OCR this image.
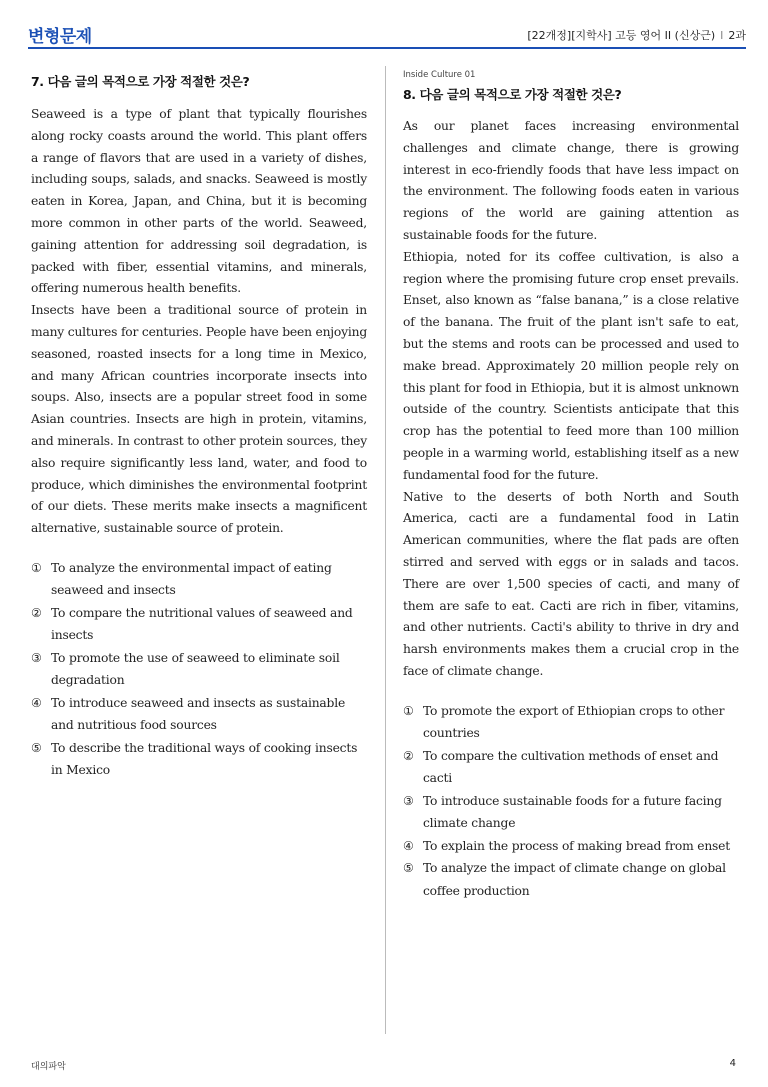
변형문제	[22개정][지학사] 고등 영어 II (신상근) I 2과

7. 다음 글의 목적으로 가장 적절한 것은?

Seaweed is a type of plant that typically flourishes along rocky coasts around the world. This plant offers a range of flavors that are used in a variety of dishes, including soups, salads, and snacks. Seaweed is mostly eaten in Korea, Japan, and China, but it is becoming more common in other parts of the world. Seaweed, gaining attention for addressing soil degradation, is packed with fiber, essential vitamins, and minerals, offering numerous health benefits.

Insects have been a traditional source of protein in many cultures for centuries. People have been enjoying seasoned, roasted insects for a long time in Mexico, and many African countries incorporate insects into soups. Also, insects are a popular street food in some Asian countries. Insects are high in protein, vitamins, and minerals. In contrast to other protein sources, they also require significantly less land, water, and food to produce, which diminishes the environmental footprint of our diets. These merits make insects a magnificent alternative, sustainable source of protein.

① To analyze the environmental impact of eating seaweed and insects
② To compare the nutritional values of seaweed and insects
③ To promote the use of seaweed to eliminate soil degradation
④ To introduce seaweed and insects as sustainable and nutritious food sources
⑤ To describe the traditional ways of cooking insects in Mexico

Inside Culture 01

8. 다음 글의 목적으로 가장 적절한 것은?

As our planet faces increasing environmental challenges and climate change, there is growing interest in eco-friendly foods that have less impact on the environment. The following foods eaten in various regions of the world are gaining attention as sustainable foods for the future.

Ethiopia, noted for its coffee cultivation, is also a region where the promising future crop enset prevails. Enset, also known as “false banana,” is a close relative of the banana. The fruit of the plant isn't safe to eat, but the stems and roots can be processed and used to make bread. Approximately 20 million people rely on this plant for food in Ethiopia, but it is almost unknown outside of the country. Scientists anticipate that this crop has the potential to feed more than 100 million people in a warming world, establishing itself as a new fundamental food for the future.

Native to the deserts of both North and South America, cacti are a fundamental food in Latin American communities, where the flat pads are often stirred and served with eggs or in salads and tacos. There are over 1,500 species of cacti, and many of them are safe to eat. Cacti are rich in fiber, vitamins, and other nutrients. Cacti's ability to thrive in dry and harsh environments makes them a crucial crop in the face of climate change.

① To promote the export of Ethiopian crops to other countries
② To compare the cultivation methods of enset and cacti
③ To introduce sustainable foods for a future facing climate change
④ To explain the process of making bread from enset
⑤ To analyze the impact of climate change on global coffee production
대의파악	4
